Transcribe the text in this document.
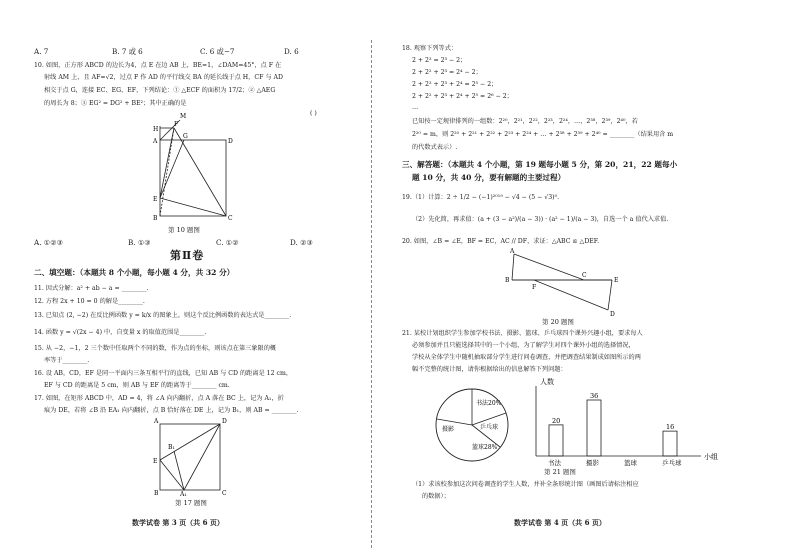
A. 7	B. 7 或 6	C. 6 或−7	D. 6
10. 如图，正方形 ABCD 的边长为4，点 E 在边 AB 上，BE=1，∠DAM=45°，点 F 在
射线 AM 上，且 AF=√2，过点 F 作 AD 的平行线交 BA 的延长线于点 H，CF 与 AD
相交于点 G，连接 EC、EG、EF，下列结论：① △ECF 的面积为 17/2；② △AEG
的周长为 8；③ EG² = DG² + BE²；其中正确的是
( )
M
H
A
G
D
F
E
B	C
第 10 题图
A. ①②③	B. ①③	C. ①②	D. ②③
第Ⅱ卷
二、填空题：（本题共 8 个小题，每小题 4 分，共 32 分）
11. 因式分解：a² + ab − a = ________.
12. 方程 2x + 10 = 0 的解是________.
13. 已知点 (2, −2) 在反比例函数 y = k/x 的图象上，则这个反比例函数的表达式是________.
14. 函数 y = √(2x − 4) 中，自变量 x 的取值范围是________.
15. 从 −2，−1，2 三个数中任取两个不同的数，作为点的坐标，则该点在第三象限的概
率等于________.
16. 设 AB，CD，EF 是同一平面内三条互相平行的直线，已知 AB 与 CD 的距离是 12 cm，
EF 与 CD 的距离是 5 cm，则 AB 与 EF 的距离等于________ cm.
17. 如图，在矩形 ABCD 中，AD = 4，将 ∠A 向内翻折，点 A 落在 BC 上，记为 A₁，折
痕为 DE，若将 ∠B 沿 EA₁ 向内翻折，点 B 恰好落在 DE 上，记为 B₁，则 AB = ________.
A	D
E
B₁
B	A₁	C
第 17 题图
数学试卷 第 3 页（共 6 页）
18. 观察下列等式：
2 + 2² = 2³ − 2；
2 + 2² + 2³ = 2⁴ − 2；
2 + 2² + 2³ + 2⁴ = 2⁵ − 2；
2 + 2² + 2³ + 2⁴ + 2⁵ = 2⁶ − 2；
…
已知按一定规律排列的一组数：2²⁰，2²¹，2²²，2²³，2²⁴，…，2³⁸，2³⁹，2⁴⁰，若
2²⁰ = m，则 2²⁰ + 2²¹ + 2²² + 2²³ + 2²⁴ + … + 2³⁸ + 2³⁹ + 2⁴⁰ = ________（结果用含 m
的代数式表示）.
三、解答题：（本题共 4 个小题，第 19 题每小题 5 分，第 20，21，22 题每小
题 10 分，共 40 分，要有解题的主要过程）
19.（1）计算：2 ÷ 1/2 − (−1)²⁰¹⁹ − √4 − (5 − √3)⁰.
（2）先化简，再求值：(a + (3 − a²)/(a − 3)) · (a² − 1)/(a − 3)，自选一个 a 值代入求值.
20. 如图，∠B = ∠E，BF = EC，AC // DF，求证：△ABC ≌ △DEF.
A
B
F
C
E
D
第 20 题图
21. 某校计划组织学生参加学校书法、摄影、篮球、乒乓球四个课外兴趣小组，要求每人
必须参加并且只能选择其中的一个小组，为了解学生对四个课外小组的选择情况，
学校从全体学生中随机抽取部分学生进行问卷调查，并把调查结果制成如图所示的两
幅不完整的统计图，请你根据给出的信息解答下列问题：
书法20%
乒乓球
摄影
篮球28%
人数
小组
20
书法
36
摄影	篮球
16
乒乓球
第 21 题图
（1）求该校参加这次问卷调查的学生人数，并补全条形统计图（画图后请标注相应
的数据）；
数学试卷 第 4 页（共 6 页）
